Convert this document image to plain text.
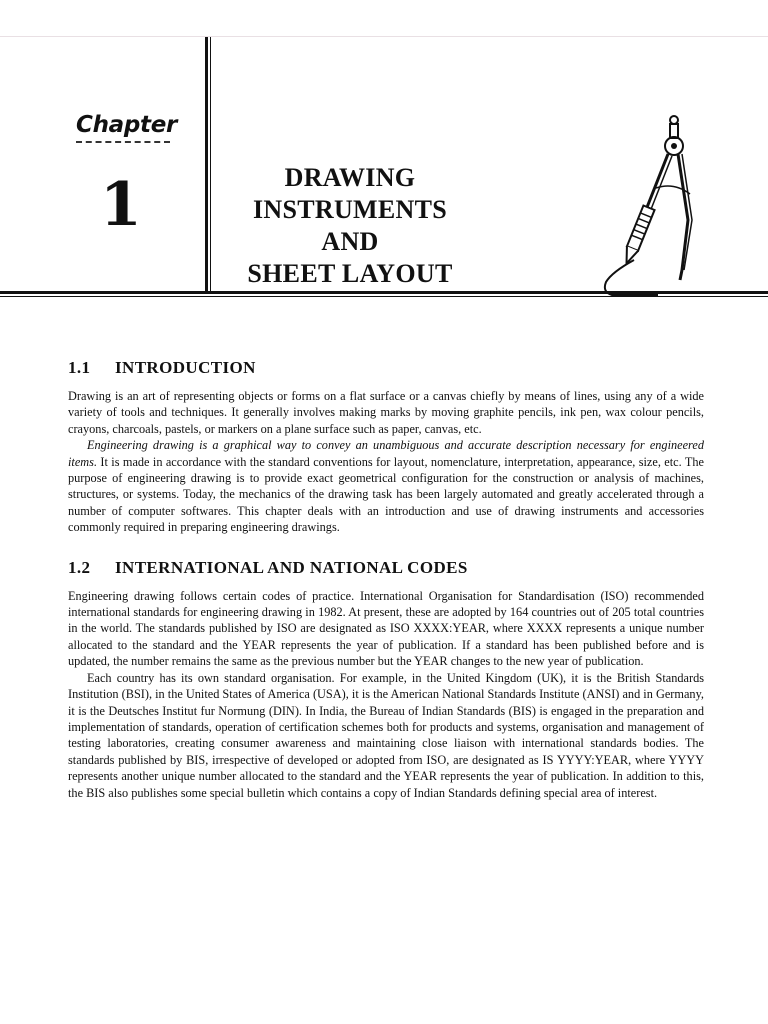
Chapter
1	DRAWING
INSTRUMENTS AND
SHEET LAYOUT
1.1 INTRODUCTION

Drawing is an art of representing objects or forms on a flat surface or a canvas chiefly by means of lines, using any of a wide variety of tools and techniques. It generally involves making marks by moving graphite pencils, ink pen, wax colour pencils, crayons, charcoals, pastels, or markers on a plane surface such as paper, canvas, etc.

Engineering drawing is a graphical way to convey an unambiguous and accurate description necessary for engineered items. It is made in accordance with the standard conventions for layout, nomenclature, interpretation, appearance, size, etc. The purpose of engineering drawing is to provide exact geometrical configuration for the construction or analysis of machines, structures, or systems. Today, the mechanics of the drawing task has been largely automated and greatly accelerated through a number of computer softwares. This chapter deals with an introduction and use of drawing instruments and accessories commonly required in preparing engineering drawings.

1.2 INTERNATIONAL AND NATIONAL CODES

Engineering drawing follows certain codes of practice. International Organisation for Standardisation (ISO) recommended international standards for engineering drawing in 1982. At present, these are adopted by 164 countries out of 205 total countries in the world. The standards published by ISO are designated as ISO XXXX:YEAR, where XXXX represents a unique number allocated to the standard and the YEAR represents the year of publication. If a standard has been published before and is updated, the number remains the same as the previous number but the YEAR changes to the new year of publication.

Each country has its own standard organisation. For example, in the United Kingdom (UK), it is the British Standards Institution (BSI), in the United States of America (USA), it is the American National Standards Institute (ANSI) and in Germany, it is the Deutsches Institut fur Normung (DIN). In India, the Bureau of Indian Standards (BIS) is engaged in the preparation and implementation of standards, operation of certification schemes both for products and systems, organisation and management of testing laboratories, creating consumer awareness and maintaining close liaison with international standards bodies. The standards published by BIS, irrespective of developed or adopted from ISO, are designated as IS YYYY:YEAR, where YYYY represents another unique number allocated to the standard and the YEAR represents the year of publication. In addition to this, the BIS also publishes some special bulletin which contains a copy of Indian Standards defining special area of interest.
